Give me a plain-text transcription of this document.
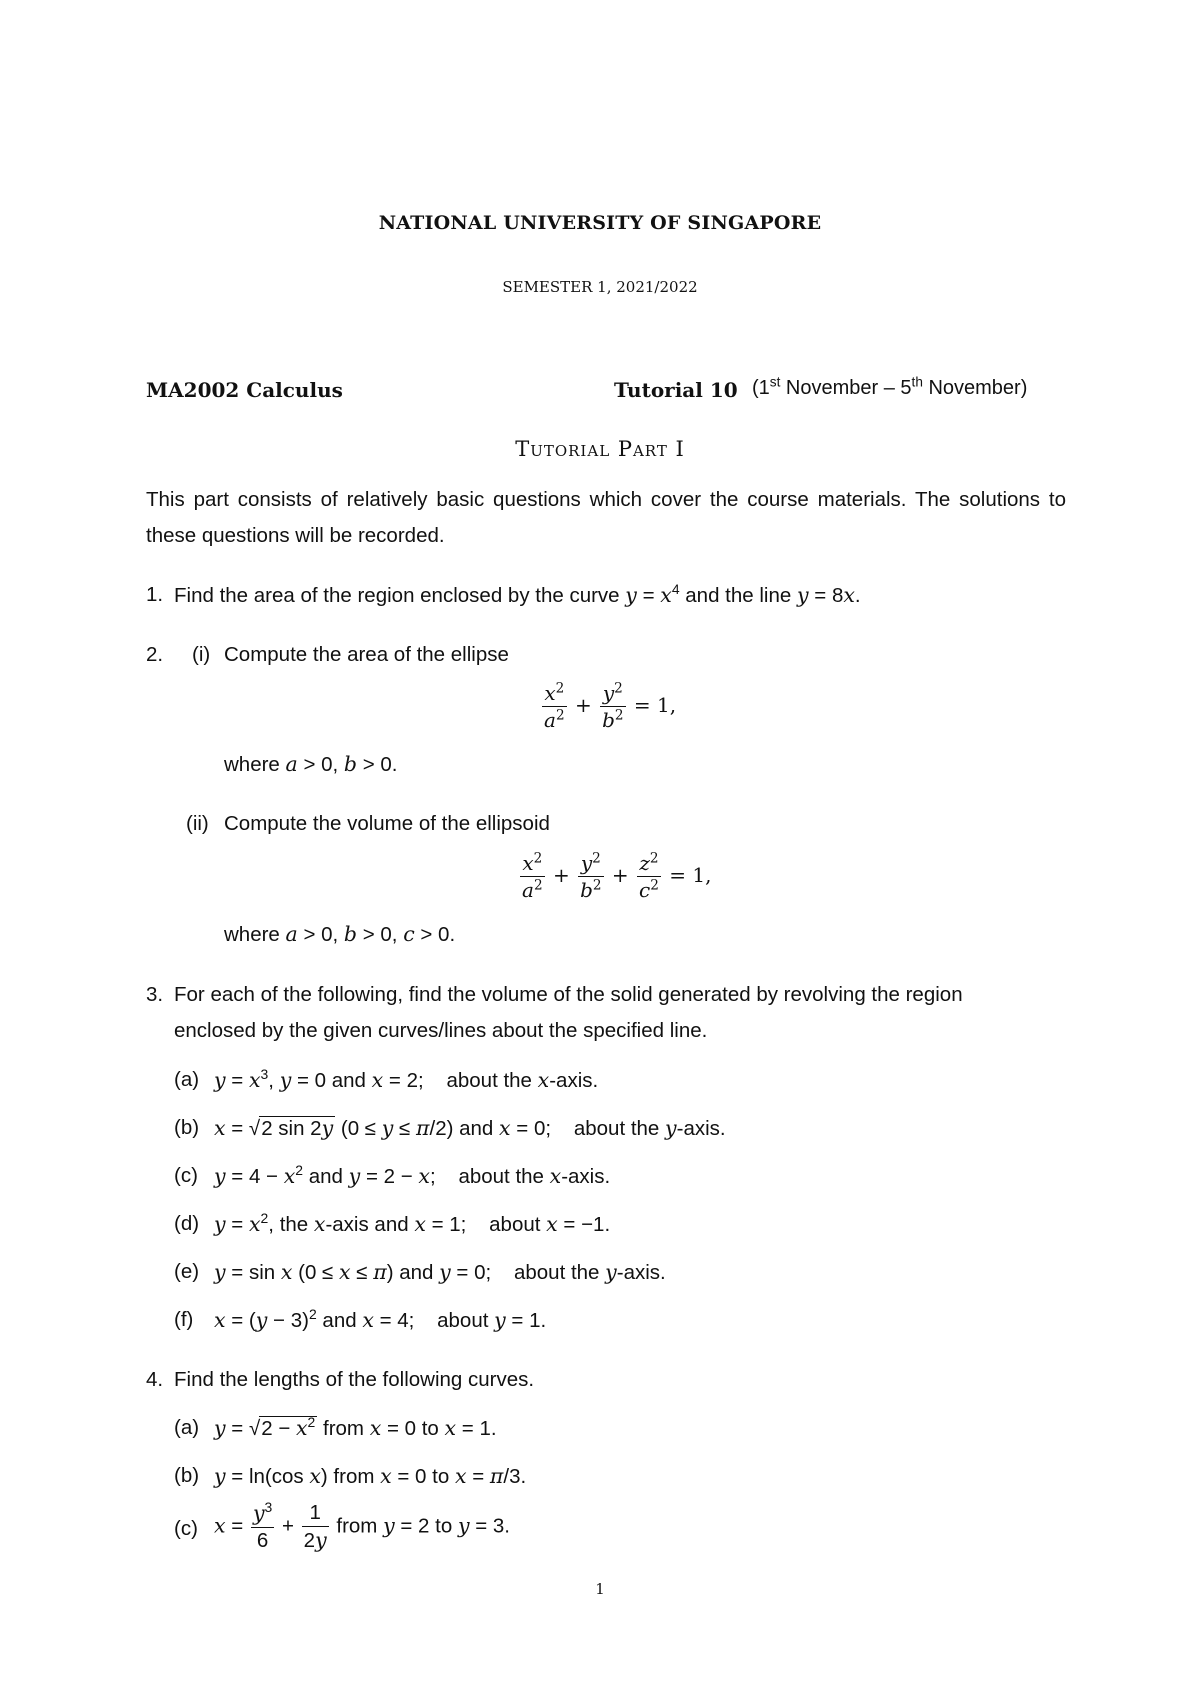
NATIONAL UNIVERSITY OF SINGAPORE
SEMESTER 1, 2021/2022
MA2002 Calculus	Tutorial 10 (1st November – 5th November)
Tutorial Part I
This part consists of relatively basic questions which cover the course materials. The solutions to these questions will be recorded.
1. Find the area of the region enclosed by the curve $y = x^4$ and the line y = 8x.
2. (i) Compute the area of the ellipse
$\frac{x^2}{a^2} + \frac{y^2}{b^2} = 1$,
where a > 0, b > 0.
(ii) Compute the volume of the ellipsoid
$\frac{x^2}{a^2} + \frac{y^2}{b^2} + \frac{z^2}{c^2} = 1$,
where a > 0, b > 0, c > 0.
3. For each of the following, find the volume of the solid generated by revolving the region
enclosed by the given curves/lines about the specified line.
(a) $y = x^3$, y = 0 and x = 2;    about the x-axis.
(b) x = √2 sin 2y (0 ≤ y ≤ π/2) and x = 0;    about the y-axis.
(c) $y = 4 - x^2$ and y = 2 − x;    about the x-axis.
(d) $y = x^2$, the x-axis and x = 1;    about x = −1.
(e) y = sin x (0 ≤ x ≤ π) and y = 0;    about the y-axis.
(f) $x = (y - 3)^2$ and x = 4;    about y = 1.
4. Find the lengths of the following curves.
(a) $y = √2 - x^2$ from x = 0 to x = 1.
(b) y = ln(cos x) from x = 0 to x = π/3.
(c) $x = \frac{y^3}{6} + \frac{1}{2y}$ from y = 2 to y = 3.
1
